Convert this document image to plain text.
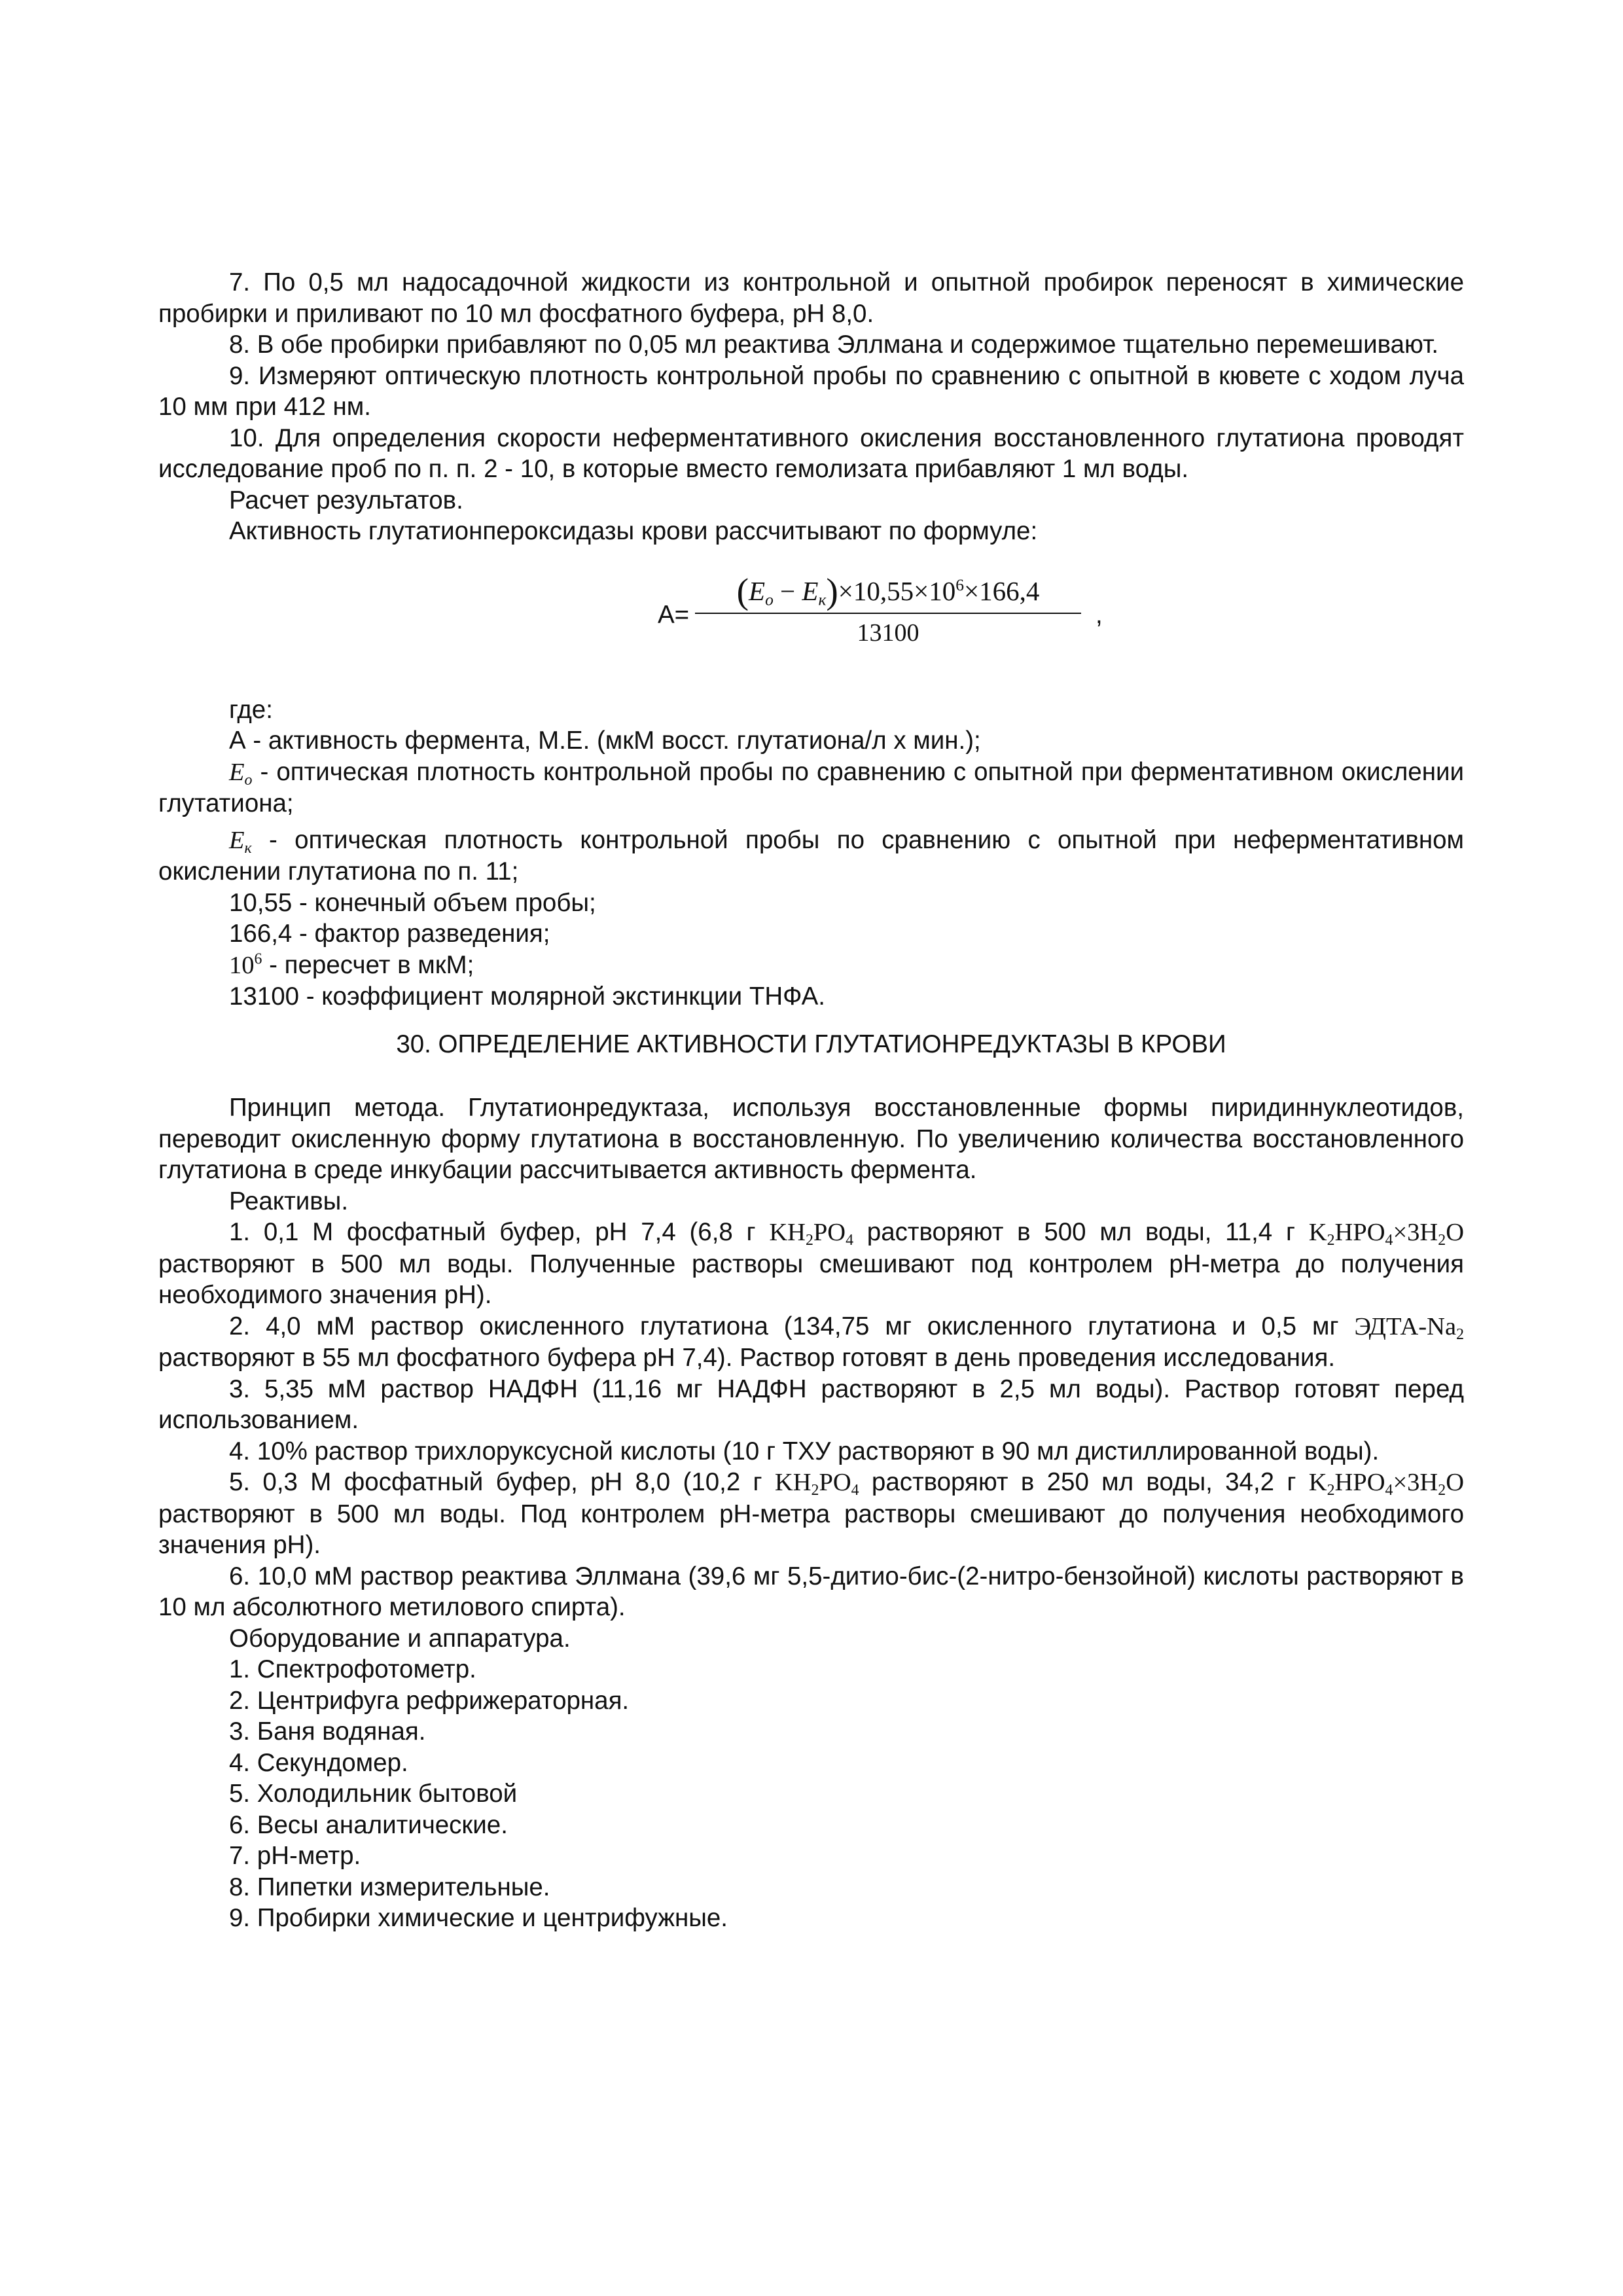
7. По 0,5 мл надосадочной жидкости из контрольной и опытной пробирок переносят в химические пробирки и приливают по 10 мл фосфатного буфера, рН 8,0.

8. В обе пробирки прибавляют по 0,05 мл реактива Эллмана и содержимое тщательно перемешивают.

9. Измеряют оптическую плотность контрольной пробы по сравнению с опытной в кювете с ходом луча 10 мм при 412 нм.

10. Для определения скорости неферментативного окисления восстановленного глутатиона проводят исследование проб по п. п. 2 - 10, в которые вместо гемолизата прибавляют 1 мл воды.

Расчет результатов.

Активность глутатионпероксидазы крови рассчитывают по формуле:

А=
$(E_о - E_к)\times 10,55\times 10^6\times 166,4$
13100
,

где:

А - активность фермента, М.Е. (мкМ восст. глутатиона/л х мин.);

$E_о$ - оптическая плотность контрольной пробы по сравнению с опытной при ферментативном окислении глутатиона;

$E_к$ - оптическая плотность контрольной пробы по сравнению с опытной при неферментативном окислении глутатиона по п. 11;

10,55 - конечный объем пробы;

166,4 - фактор разведения;

$10^6$ - пересчет в мкМ;

13100 - коэффициент молярной экстинкции ТНФА.

30. ОПРЕДЕЛЕНИЕ АКТИВНОСТИ ГЛУТАТИОНРЕДУКТАЗЫ В КРОВИ

Принцип метода. Глутатионредуктаза, используя восстановленные формы пиридиннуклеотидов, переводит окисленную форму глутатиона в восстановленную. По увеличению количества восстановленного глутатиона в среде инкубации рассчитывается активность фермента.

Реактивы.

1. 0,1 М фосфатный буфер, рН 7,4 (6,8 г $KH_2PO_4$ растворяют в 500 мл воды, 11,4 г $K_2HPO_4\times 3H_2O$ растворяют в 500 мл воды. Полученные растворы смешивают под контролем рН-метра до получения необходимого значения рН).

2. 4,0 мМ раствор окисленного глутатиона (134,75 мг окисленного глутатиона и 0,5 мг ЭДТА-$Na_2$ растворяют в 55 мл фосфатного буфера рН 7,4). Раствор готовят в день проведения исследования.

3. 5,35 мМ раствор НАДФН (11,16 мг НАДФН растворяют в 2,5 мл воды). Раствор готовят перед использованием.

4. 10% раствор трихлоруксусной кислоты (10 г ТХУ растворяют в 90 мл дистиллированной воды).

5. 0,3 М фосфатный буфер, рН 8,0 (10,2 г $KH_2PO_4$ растворяют в 250 мл воды, 34,2 г $K_2HPO_4\times 3H_2O$ растворяют в 500 мл воды. Под контролем рН-метра растворы смешивают до получения необходимого значения рН).

6. 10,0 мМ раствор реактива Эллмана (39,6 мг 5,5-дитио-бис-(2-нитро-бензойной) кислоты растворяют в 10 мл абсолютного метилового спирта).

Оборудование и аппаратура.

1. Спектрофотометр.

2. Центрифуга рефрижераторная.

3. Баня водяная.

4. Секундомер.

5. Холодильник бытовой

6. Весы аналитические.

7. рН-метр.

8. Пипетки измерительные.

9. Пробирки химические и центрифужные.
